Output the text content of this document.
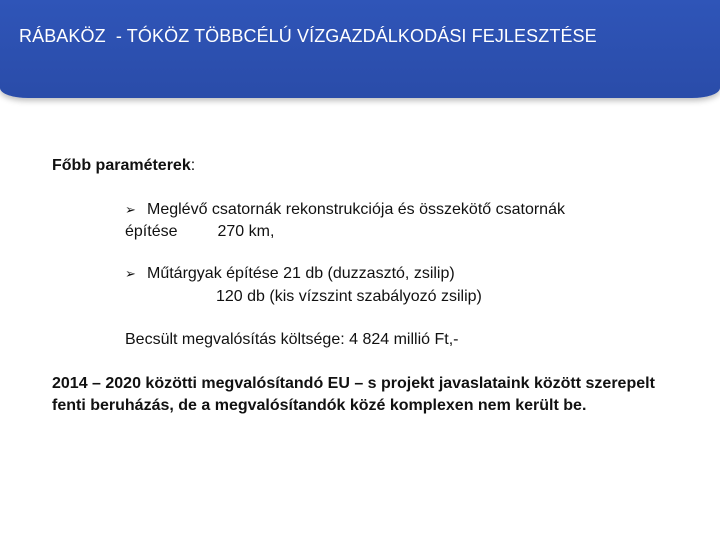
RÁBAKÖZ  - TÓKÖZ TÖBBCÉLÚ VÍZGAZDÁLKODÁSI FEJLESZTÉSE
Főbb paraméterek:
➢ Meglévő csatornák rekonstrukciója és összekötő csatornák
építése	270 km,
➢ Műtárgyak építése 21 db (duzzasztó, zsilip)
120 db (kis vízszint szabályozó zsilip)
Becsült megvalósítás költsége: 4 824 millió Ft,-
2014 – 2020 közötti megvalósítandó EU – s projekt javaslataink között szerepelt fenti beruházás, de a megvalósítandók közé komplexen nem került be.
